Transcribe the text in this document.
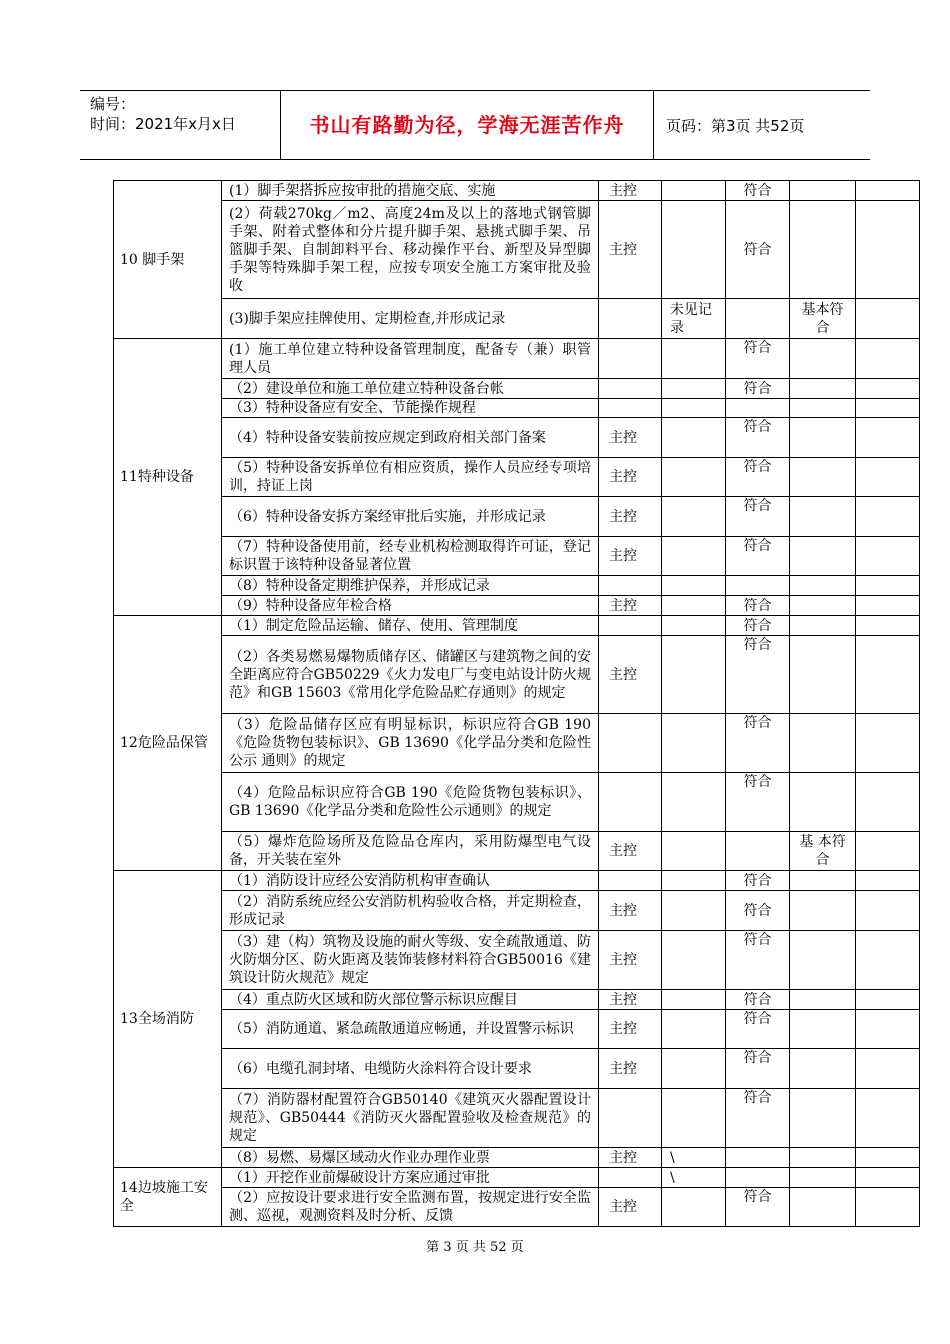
编号：
时间：2021年x月x日	书山有路勤为径，学海无涯苦作舟	页码：第3页 共52页
10 脚手架	(1）脚手架搭拆应按审批的措施交底、实施	主控		符合		
	(2）荷载270kg／m2、高度24m及以上的落地式钢管脚手架、附着式整体和分片提升脚手架、悬挑式脚手架、吊篮脚手架、自制卸料平台、移动操作平台、新型及异型脚手架等特殊脚手架工程，应按专项安全施工方案审批及验收	主控		符合		
	(3)脚手架应挂牌使用、定期检查,并形成记录		未见记录		基本符合	
11特种设备	(1）施工单位建立特种设备管理制度，配备专（兼）职管理人员			符合		
	（2）建设单位和施工单位建立特种设备台帐			符合		
	（3）特种设备应有安全、节能操作规程					
	（4）特种设备安装前按应规定到政府相关部门备案	主控		符合		
	（5）特种设备安拆单位有相应资质，操作人员应经专项培训，持证上岗	主控		符合		
	（6）特种设备安拆方案经审批后实施，并形成记录	主控		符合		
	（7）特种设备使用前，经专业机构检测取得许可证，登记标识置于该特种设备显著位置	主控		符合		
	（8）特种设备定期维护保养，并形成记录					
	（9）特种设备应年检合格	主控		符合		
12危险品保管	（1）制定危险品运输、储存、使用、管理制度			符合		
	（2）各类易燃易爆物质储存区、储罐区与建筑物之间的安全距离应符合GB50229《火力发电厂与变电站设计防火规范》和GB 15603《常用化学危险品贮存通则》的规定	主控		符合		
	（3）危险品储存区应有明显标识，标识应符合GB 190《危险货物包装标识》、GB 13690《化学品分类和危险性公示 通则》的规定			符合		
	（4）危险品标识应符合GB 190《危险货物包装标识》、GB 13690《化学品分类和危险性公示通则》的规定			符合		
	（5）爆炸危险场所及危险品仓库内，采用防爆型电气设备，开关装在室外	主控			基 本符合	
13全场消防	（1）消防设计应经公安消防机构审查确认			符合		
	（2）消防系统应经公安消防机构验收合格，并定期检查，形成记录	主控		符合		
	（3）建（构）筑物及设施的耐火等级、安全疏散通道、防火防烟分区、防火距离及装饰装修材料符合GB50016《建筑设计防火规范》规定	主控		符合		
	（4）重点防火区域和防火部位警示标识应醒目	主控		符合		
	（5）消防通道、紧急疏散通道应畅通，并设置警示标识	主控		符合		
	（6）电缆孔洞封堵、电缆防火涂料符合设计要求	主控		符合		
	（7）消防器材配置符合GB50140《建筑灭火器配置设计规范》、GB50444《消防灭火器配置验收及检查规范》的规定			符合		
	（8）易燃、易爆区域动火作业办理作业票	主控	\			
14边坡施工安全	（1）开挖作业前爆破设计方案应通过审批		\			
	（2）应按设计要求进行安全监测布置，按规定进行安全监测、巡视，观测资料及时分析、反馈	主控		符合		
第 3 页 共 52 页
